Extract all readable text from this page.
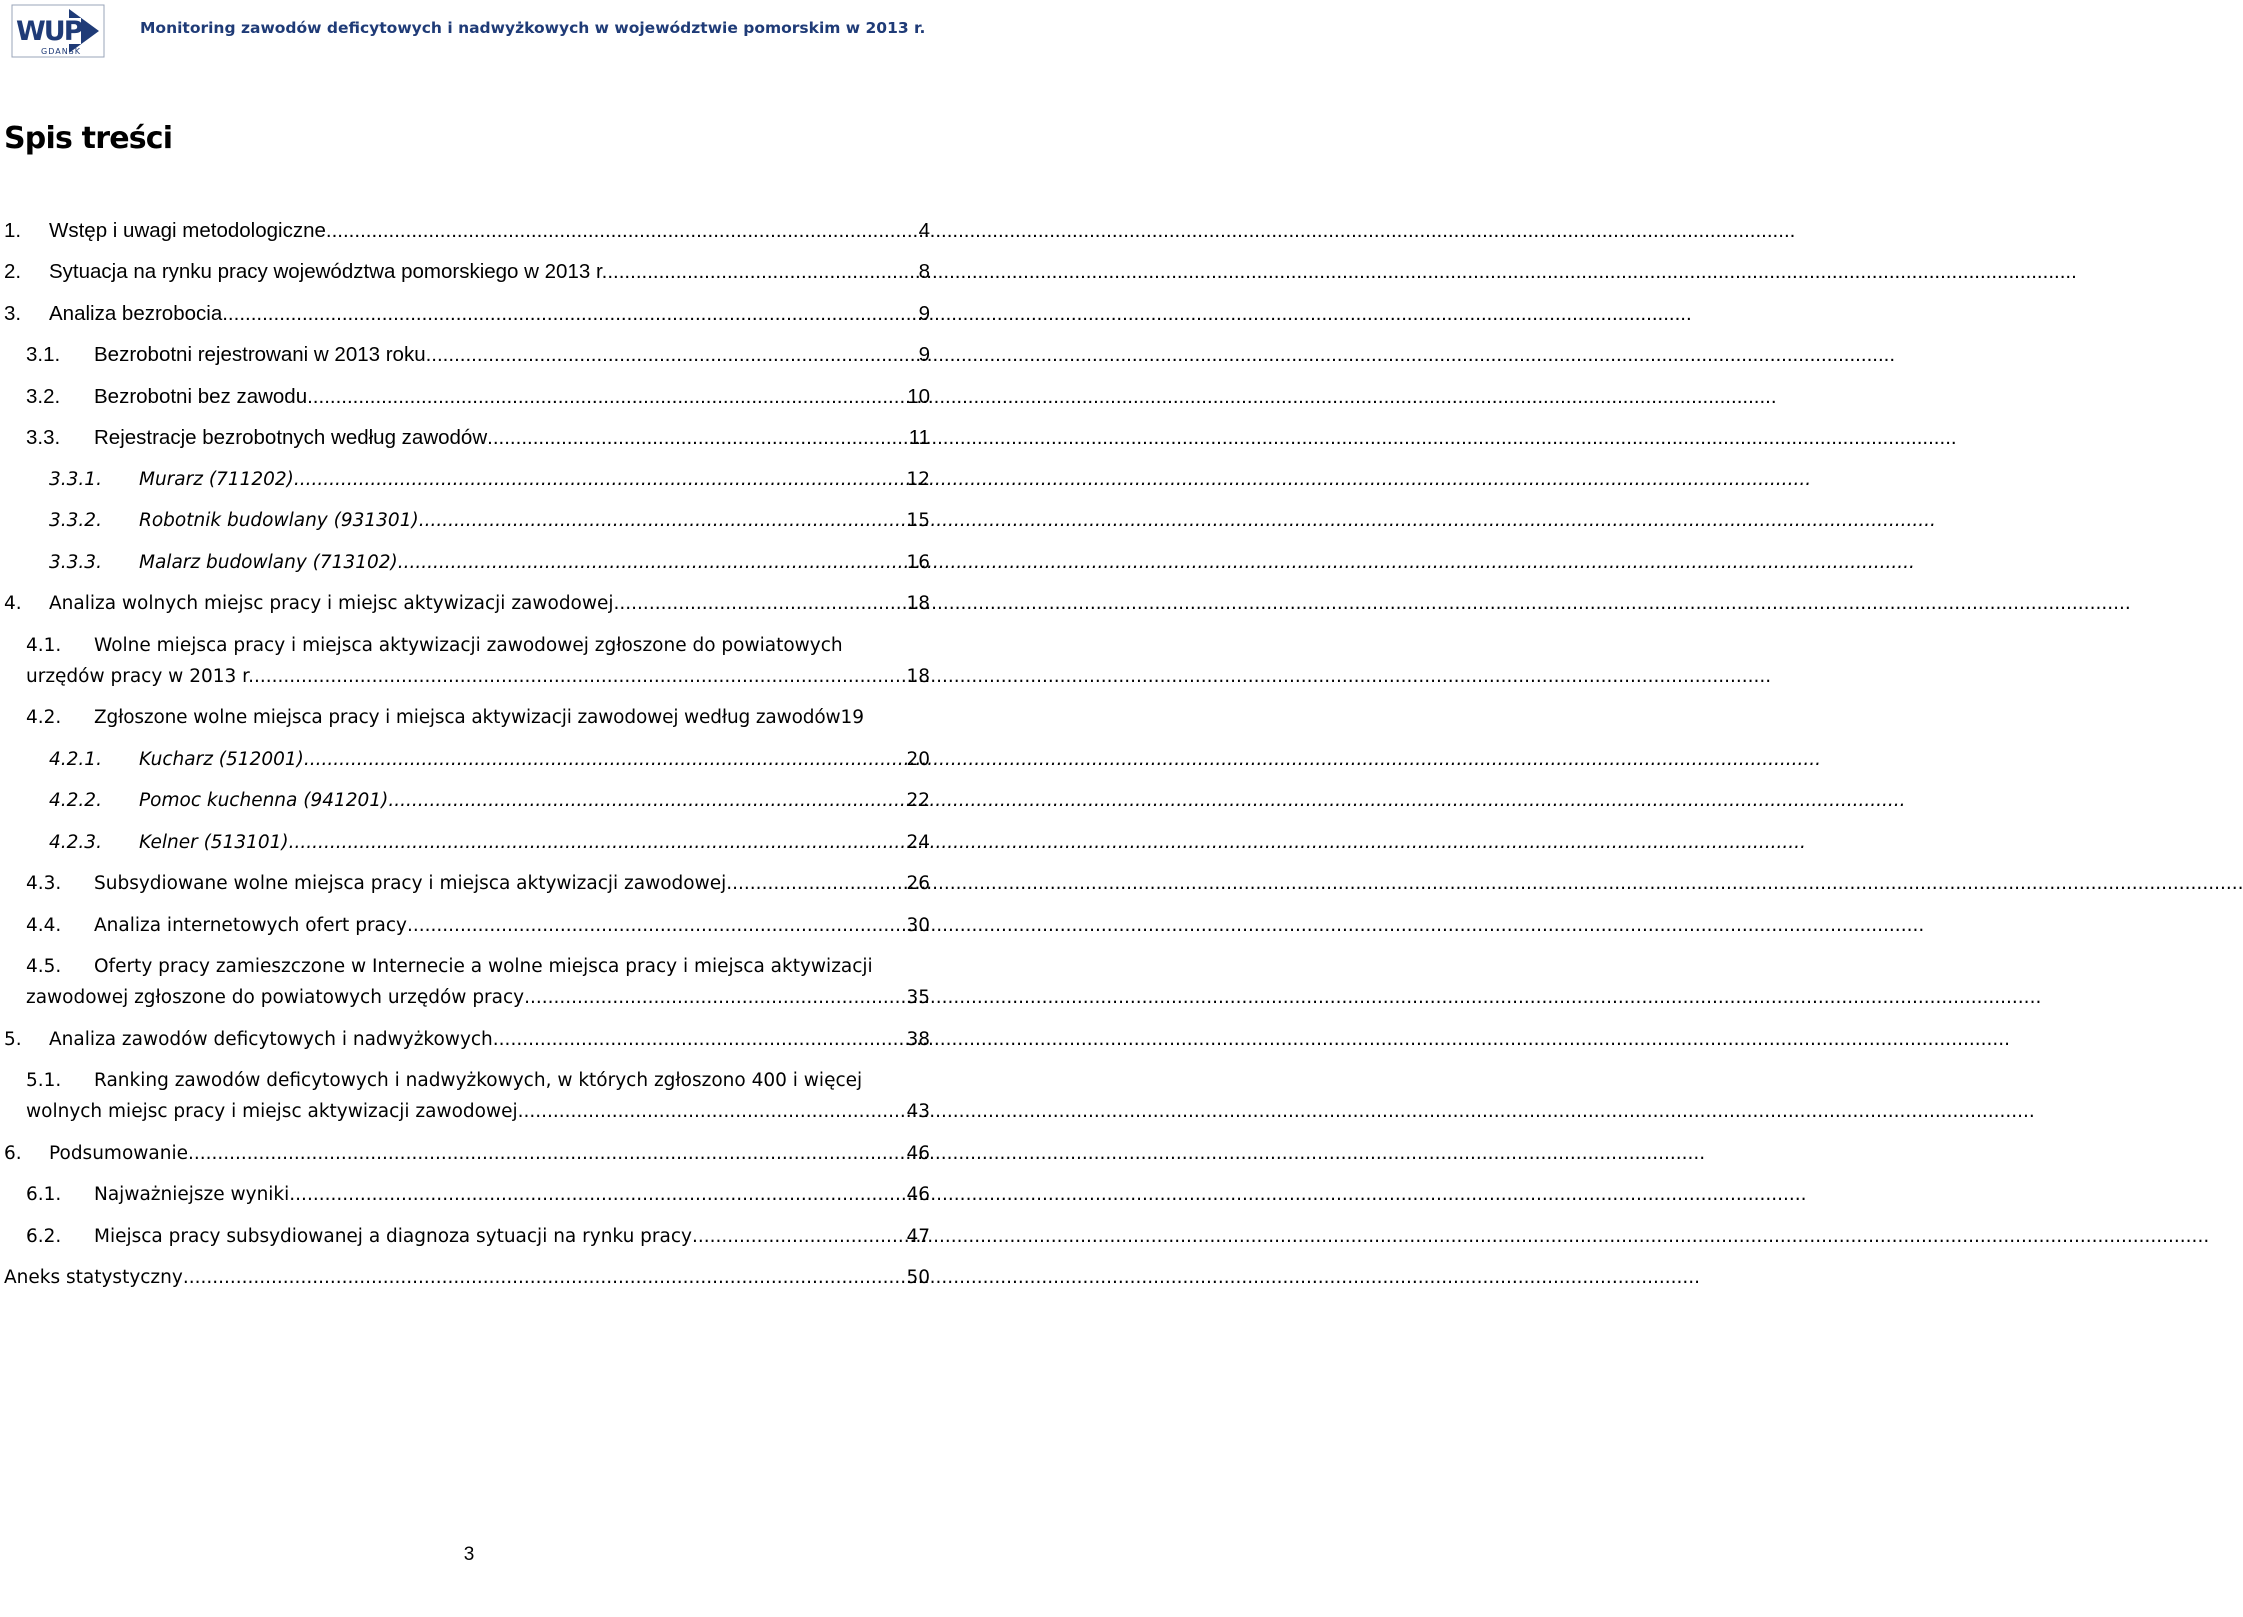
WUP
GDANSK
Monitoring zawodów deficytowych i nadwyżkowych w województwie pomorskim w 2013 r.
Spis treści
1.	Wstęp i uwagi metodologiczne .....	4
2.	Sytuacja na rynku pracy województwa pomorskiego w 2013 r. .....	8
3.	Analiza bezrobocia .....	9
3.1.	Bezrobotni rejestrowani w 2013 roku .....	9
3.2.	Bezrobotni bez zawodu .....	10
3.3.	Rejestracje bezrobotnych według zawodów .....	11
3.3.1.	Murarz (711202) .....	12
3.3.2.	Robotnik budowlany (931301) .....	15
3.3.3.	Malarz budowlany (713102) .....	16
4.	Analiza wolnych miejsc pracy i miejsc aktywizacji zawodowej .....	18
4.1. Wolne miejsca pracy i miejsca aktywizacji zawodowej zgłoszone do powiatowych
urzędów pracy w 2013 r. .....	18
4.2.	Zgłoszone wolne miejsca pracy i miejsca aktywizacji zawodowej według zawodów 19
4.2.1.	Kucharz (512001) .....	20
4.2.2.	Pomoc kuchenna (941201) .....	22
4.2.3.	Kelner (513101) .....	24
4.3.	Subsydiowane wolne miejsca pracy i miejsca aktywizacji zawodowej .....	26
4.4.	Analiza internetowych ofert pracy .....	30
4.5. Oferty pracy zamieszczone w Internecie a wolne miejsca pracy i miejsca aktywizacji
zawodowej zgłoszone do powiatowych urzędów pracy .....	35
5.	Analiza zawodów deficytowych i nadwyżkowych .....	38
5.1. Ranking zawodów deficytowych i nadwyżkowych, w których zgłoszono 400 i więcej
wolnych miejsc pracy i miejsc aktywizacji zawodowej .....	43
6.	Podsumowanie .....	46
6.1.	Najważniejsze wyniki .....	46
6.2.	Miejsca pracy subsydiowanej a diagnoza sytuacji na rynku pracy .....	47
Aneks statystyczny .....	50
3
